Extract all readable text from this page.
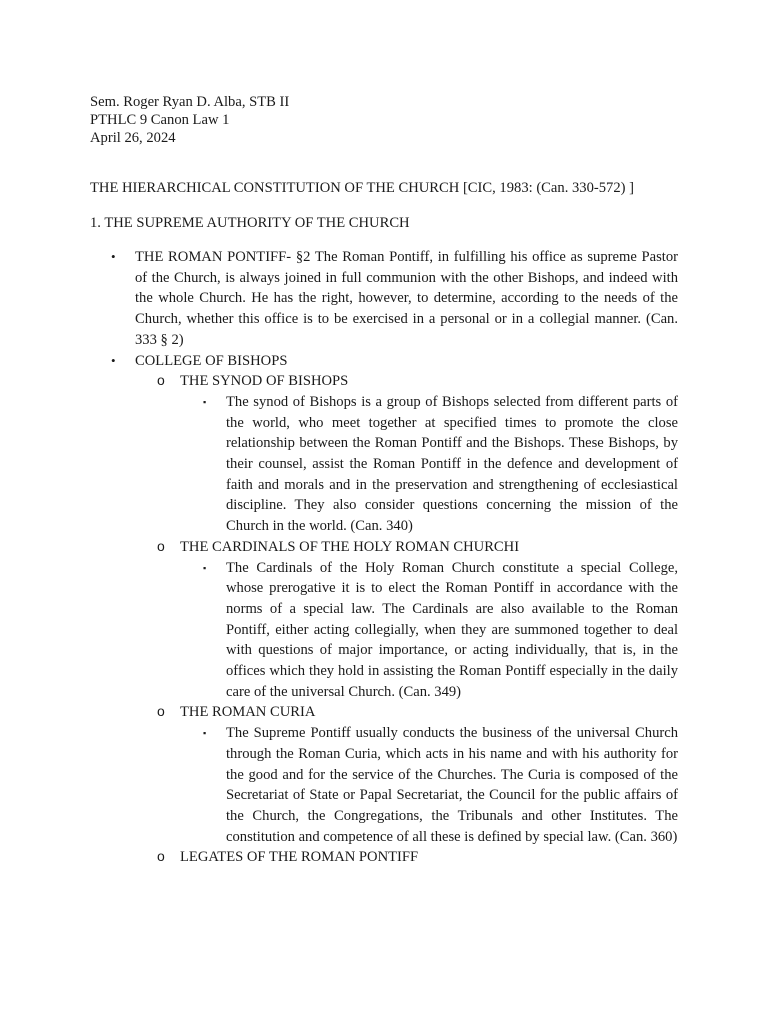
Sem. Roger Ryan D. Alba, STB II
PTHLC 9 Canon Law 1
April 26, 2024
THE HIERARCHICAL CONSTITUTION OF THE CHURCH [CIC, 1983: (Can. 330-572) ]
1. THE SUPREME AUTHORITY OF THE CHURCH
• THE ROMAN PONTIFF- §2 The Roman Pontiff, in fulfilling his office as supreme Pastor of the Church, is always joined in full communion with the other Bishops, and indeed with the whole Church. He has the right, however, to determine, according to the needs of the Church, whether this office is to be exercised in a personal or in a collegial manner. (Can. 333 § 2)
• COLLEGE OF BISHOPS
o THE SYNOD OF BISHOPS
▪ The synod of Bishops is a group of Bishops selected from different parts of the world, who meet together at specified times to promote the close relationship between the Roman Pontiff and the Bishops. These Bishops, by their counsel, assist the Roman Pontiff in the defence and development of faith and morals and in the preservation and strengthening of ecclesiastical discipline. They also consider questions concerning the mission of the Church in the world. (Can. 340)
o THE CARDINALS OF THE HOLY ROMAN CHURCHI
▪ The Cardinals of the Holy Roman Church constitute a special College, whose prerogative it is to elect the Roman Pontiff in accordance with the norms of a special law. The Cardinals are also available to the Roman Pontiff, either acting collegially, when they are summoned together to deal with questions of major importance, or acting individually, that is, in the offices which they hold in assisting the Roman Pontiff especially in the daily care of the universal Church. (Can. 349)
o THE ROMAN CURIA
▪ The Supreme Pontiff usually conducts the business of the universal Church through the Roman Curia, which acts in his name and with his authority for the good and for the service of the Churches. The Curia is composed of the Secretariat of State or Papal Secretariat, the Council for the public affairs of the Church, the Congregations, the Tribunals and other Institutes. The constitution and competence of all these is defined by special law. (Can. 360)
o LEGATES OF THE ROMAN PONTIFF
